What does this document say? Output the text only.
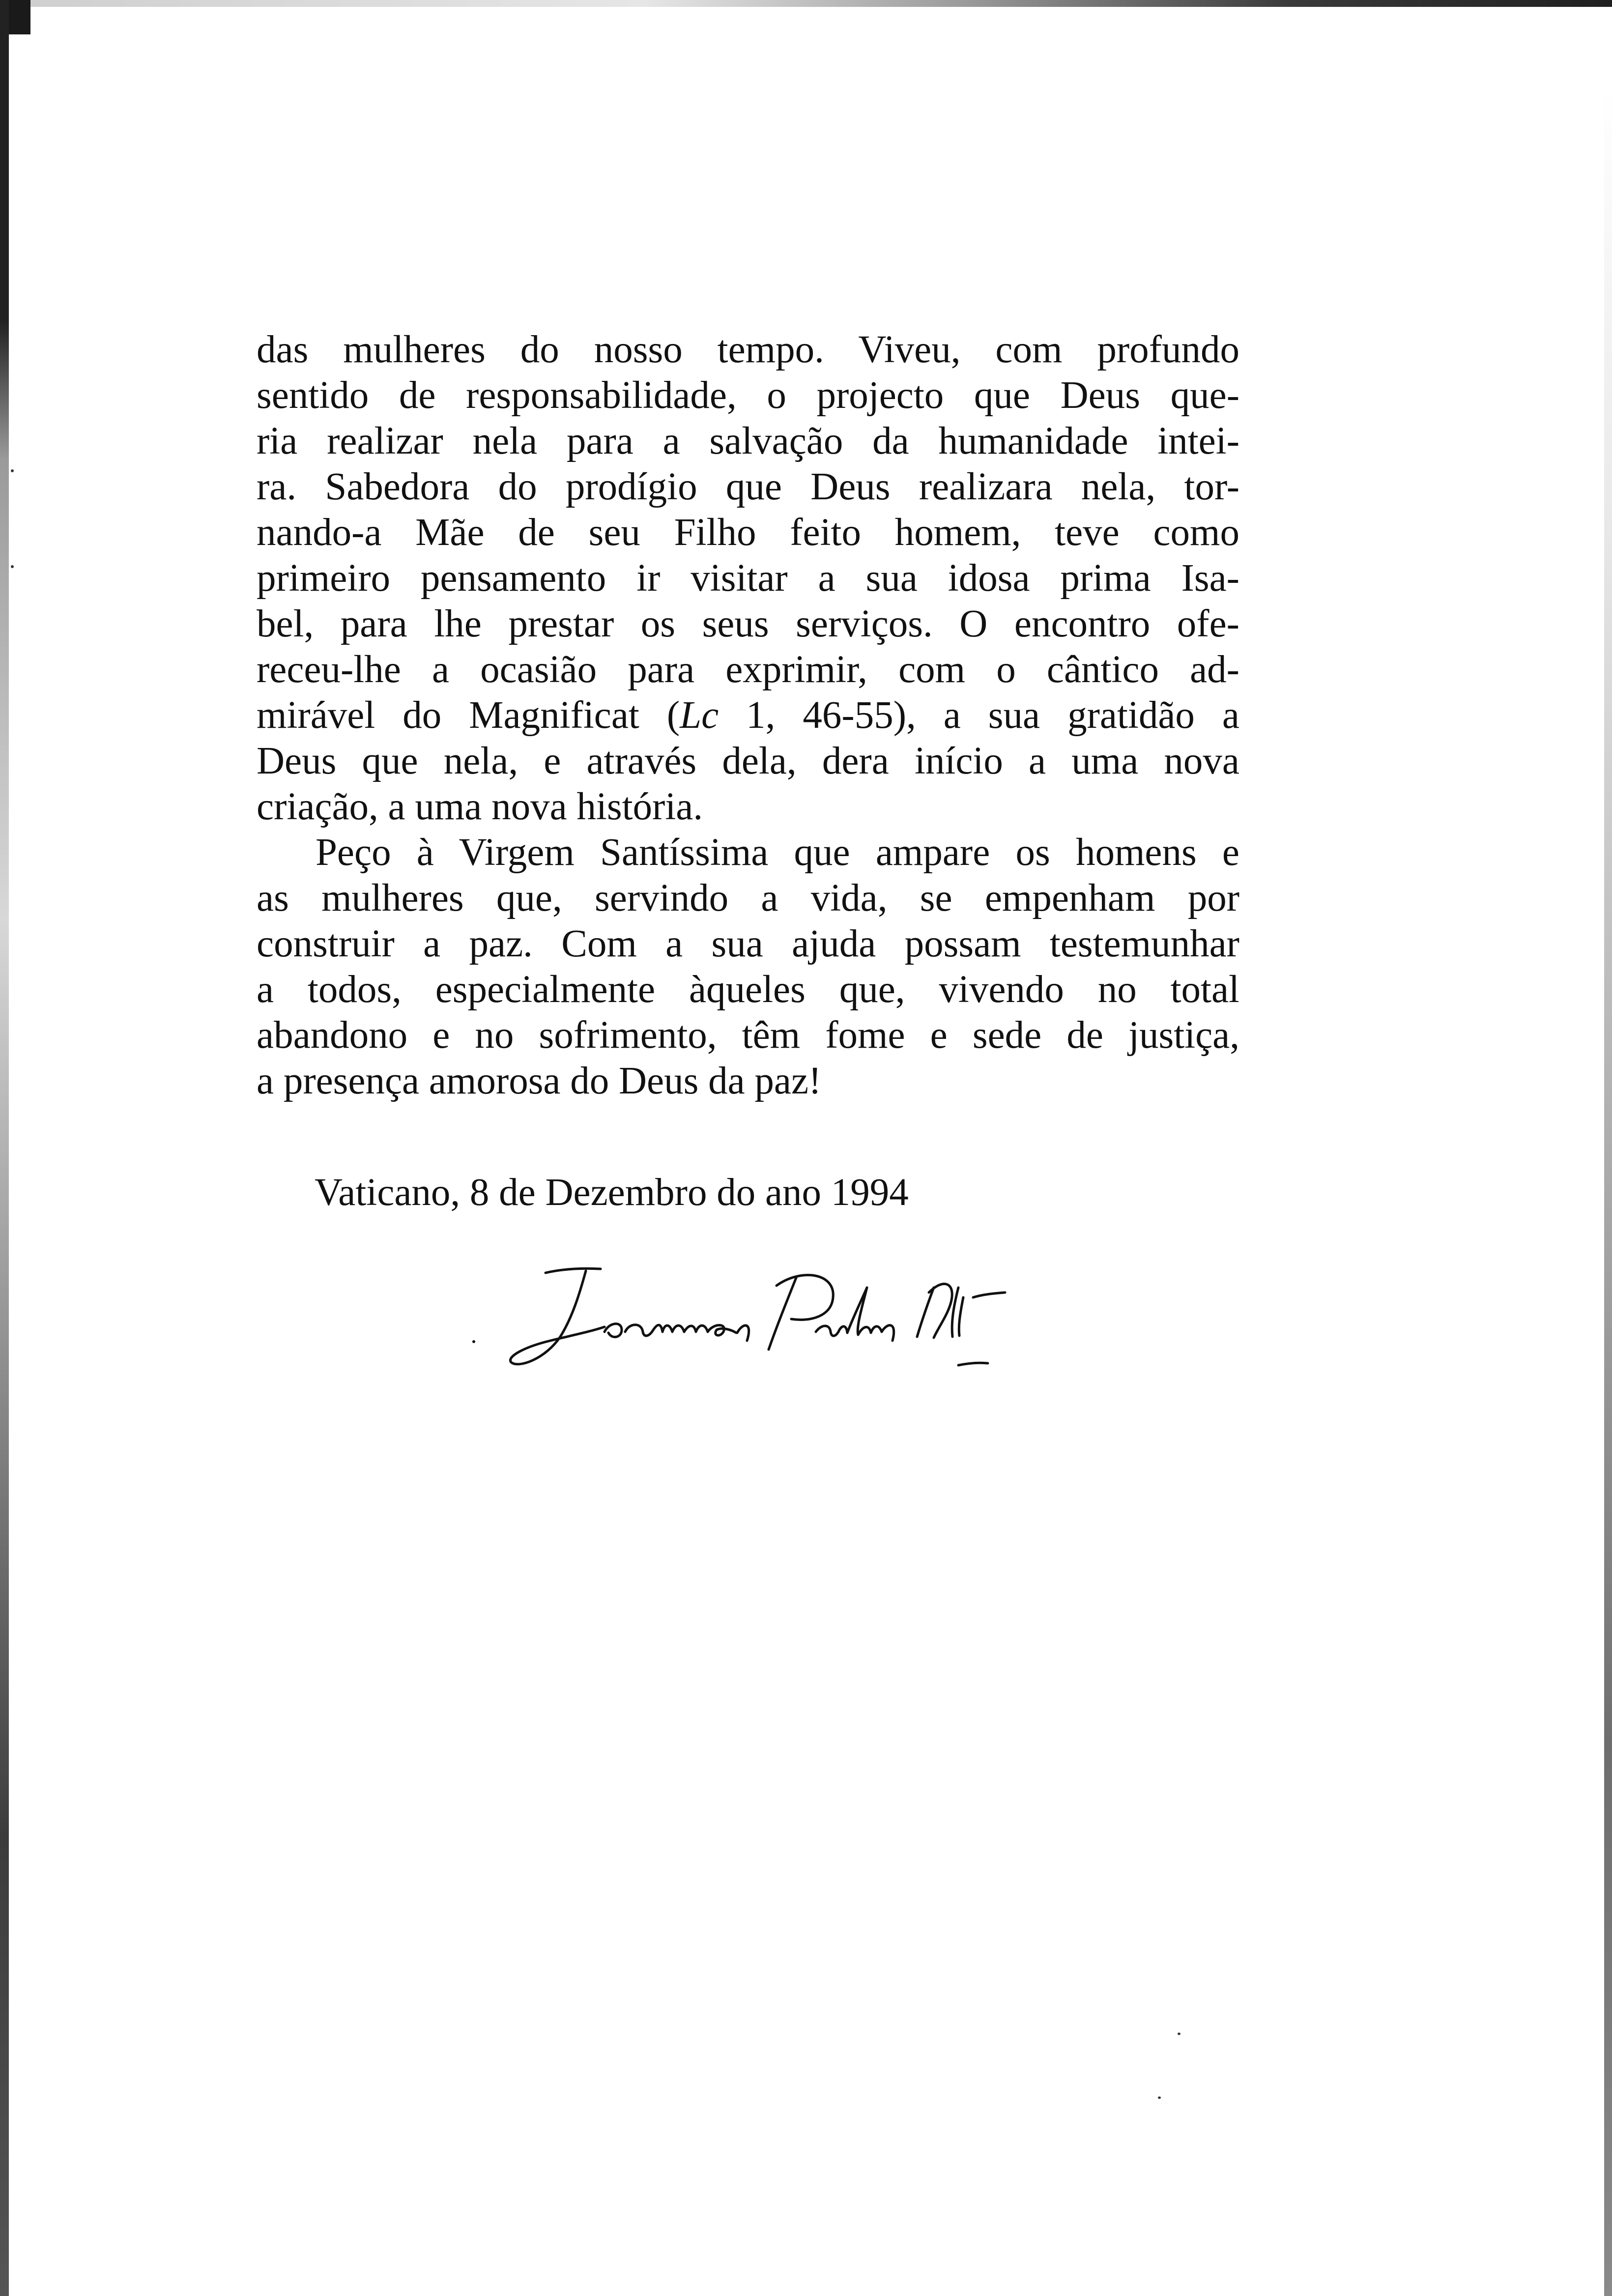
das mulheres do nosso tempo. Viveu, com profundo
sentido de responsabilidade, o projecto que Deus que-
ria realizar nela para a salvação da humanidade intei-
ra. Sabedora do prodígio que Deus realizara nela, tor-
nando-a Mãe de seu Filho feito homem, teve como
primeiro pensamento ir visitar a sua idosa prima Isa-
bel, para lhe prestar os seus serviços. O encontro ofe-
receu-lhe a ocasião para exprimir, com o cântico ad-
mirável do Magnificat (Lc 1, 46-55), a sua gratidão a
Deus que nela, e através dela, dera início a uma nova
criação, a uma nova história.
Peço à Virgem Santíssima que ampare os homens e
as mulheres que, servindo a vida, se empenham por
construir a paz. Com a sua ajuda possam testemunhar
a todos, especialmente àqueles que, vivendo no total
abandono e no sofrimento, têm fome e sede de justiça,
a presença amorosa do Deus da paz!
Vaticano, 8 de Dezembro do ano 1994
